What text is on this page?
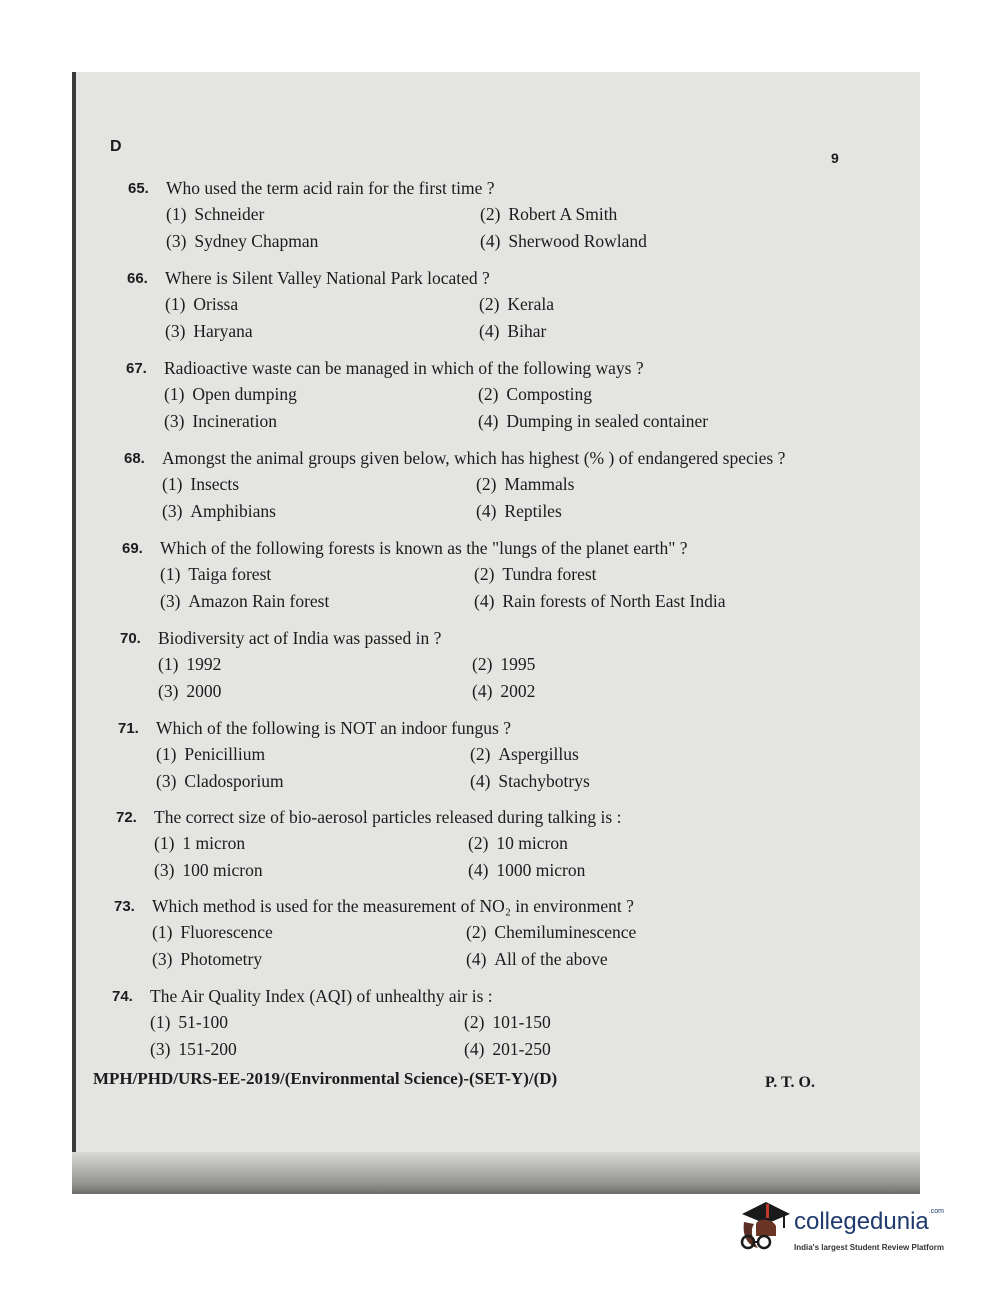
D
9
65. Who used the term acid rain for the first time ?
(1) Schneider	(2) Robert A Smith
(3) Sydney Chapman	(4) Sherwood Rowland
66. Where is Silent Valley National Park located ?
(1) Orissa	(2) Kerala
(3) Haryana	(4) Bihar
67. Radioactive waste can be managed in which of the following ways ?
(1) Open dumping	(2) Composting
(3) Incineration	(4) Dumping in sealed container
68. Amongst the animal groups given below, which has highest (% ) of endangered species ?
(1) Insects	(2) Mammals
(3) Amphibians	(4) Reptiles
69. Which of the following forests is known as the "lungs of the planet earth" ?
(1) Taiga forest	(2) Tundra forest
(3) Amazon Rain forest	(4) Rain forests of North East India
70. Biodiversity act of India was passed in ?
(1) 1992	(2) 1995
(3) 2000	(4) 2002
71. Which of the following is NOT an indoor fungus ?
(1) Penicillium	(2) Aspergillus
(3) Cladosporium	(4) Stachybotrys
72. The correct size of bio-aerosol particles released during talking is :
(1) 1 micron	(2) 10 micron
(3) 100 micron	(4) 1000 micron
73. Which method is used for the measurement of NO₂ in environment ?
(1) Fluorescence	(2) Chemiluminescence
(3) Photometry	(4) All of the above
74. The Air Quality Index (AQI) of unhealthy air is :
(1) 51-100	(2) 101-150
(3) 151-200	(4) 201-250
MPH/PHD/URS-EE-2019/(Environmental Science)-(SET-Y)/(D)	P. T. O.
collegedunia$^{.com}$
India's largest Student Review Platform
